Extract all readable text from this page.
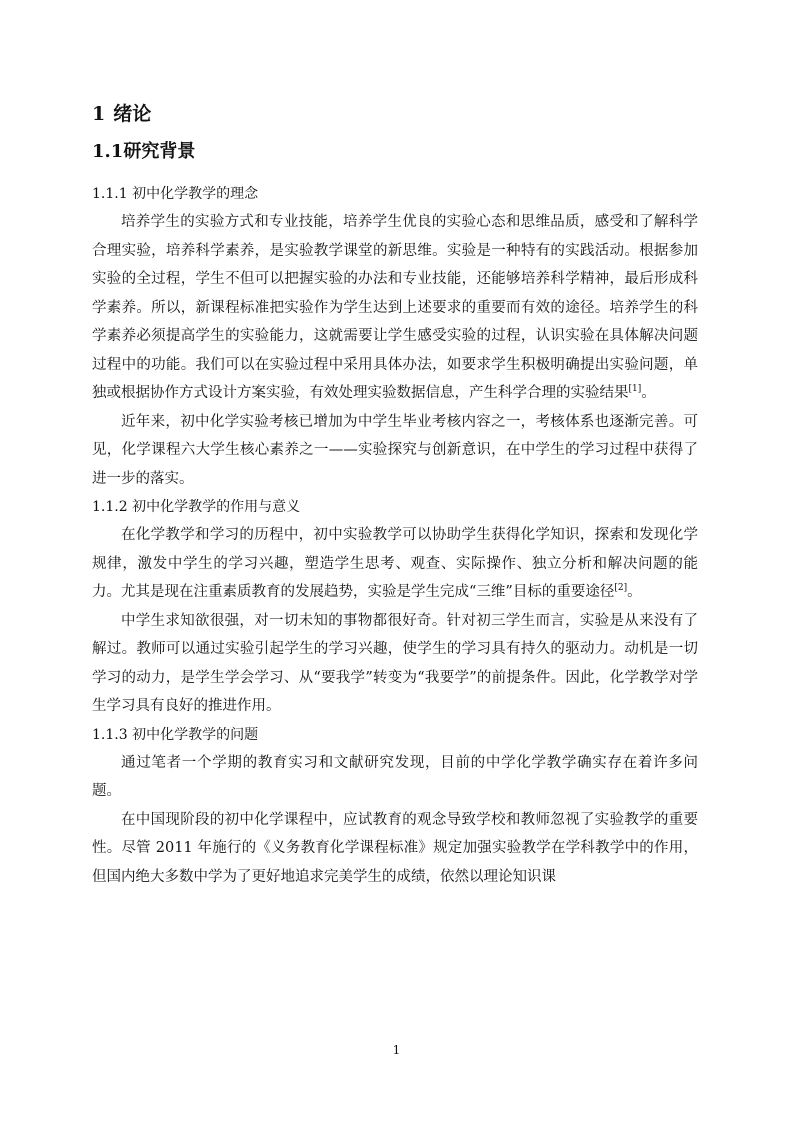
1 绪论
1.1研究背景
1.1.1 初中化学教学的理念

培养学生的实验方式和专业技能，培养学生优良的实验心态和思维品质，感受和了解科学合理实验，培养科学素养，是实验教学课堂的新思维。实验是一种特有的实践活动。根据参加实验的全过程，学生不但可以把握实验的办法和专业技能，还能够培养科学精神，最后形成科学素养。所以，新课程标准把实验作为学生达到上述要求的重要而有效的途径。培养学生的科学素养必须提高学生的实验能力，这就需要让学生感受实验的过程，认识实验在具体解决问题过程中的功能。我们可以在实验过程中采用具体办法，如要求学生积极明确提出实验问题，单独或根据协作方式设计方案实验，有效处理实验数据信息，产生科学合理的实验结果[1]。

近年来，初中化学实验考核已增加为中学生毕业考核内容之一，考核体系也逐渐完善。可见，化学课程六大学生核心素养之一——实验探究与创新意识，在中学生的学习过程中获得了进一步的落实。

1.1.2 初中化学教学的作用与意义

在化学教学和学习的历程中，初中实验教学可以协助学生获得化学知识，探索和发现化学规律，激发中学生的学习兴趣，塑造学生思考、观查、实际操作、独立分析和解决问题的能力。尤其是现在注重素质教育的发展趋势，实验是学生完成“三维”目标的重要途径[2]。

中学生求知欲很强，对一切未知的事物都很好奇。针对初三学生而言，实验是从来没有了解过。教师可以通过实验引起学生的学习兴趣，使学生的学习具有持久的驱动力。动机是一切学习的动力，是学生学会学习、从“要我学”转变为“我要学”的前提条件。因此，化学教学对学生学习具有良好的推进作用。

1.1.3 初中化学教学的问题

通过笔者一个学期的教育实习和文献研究发现，目前的中学化学教学确实存在着许多问题。

在中国现阶段的初中化学课程中，应试教育的观念导致学校和教师忽视了实验教学的重要性。尽管 2011 年施行的《义务教育化学课程标准》规定加强实验教学在学科教学中的作用，但国内绝大多数中学为了更好地追求完美学生的成绩，依然以理论知识课

1
